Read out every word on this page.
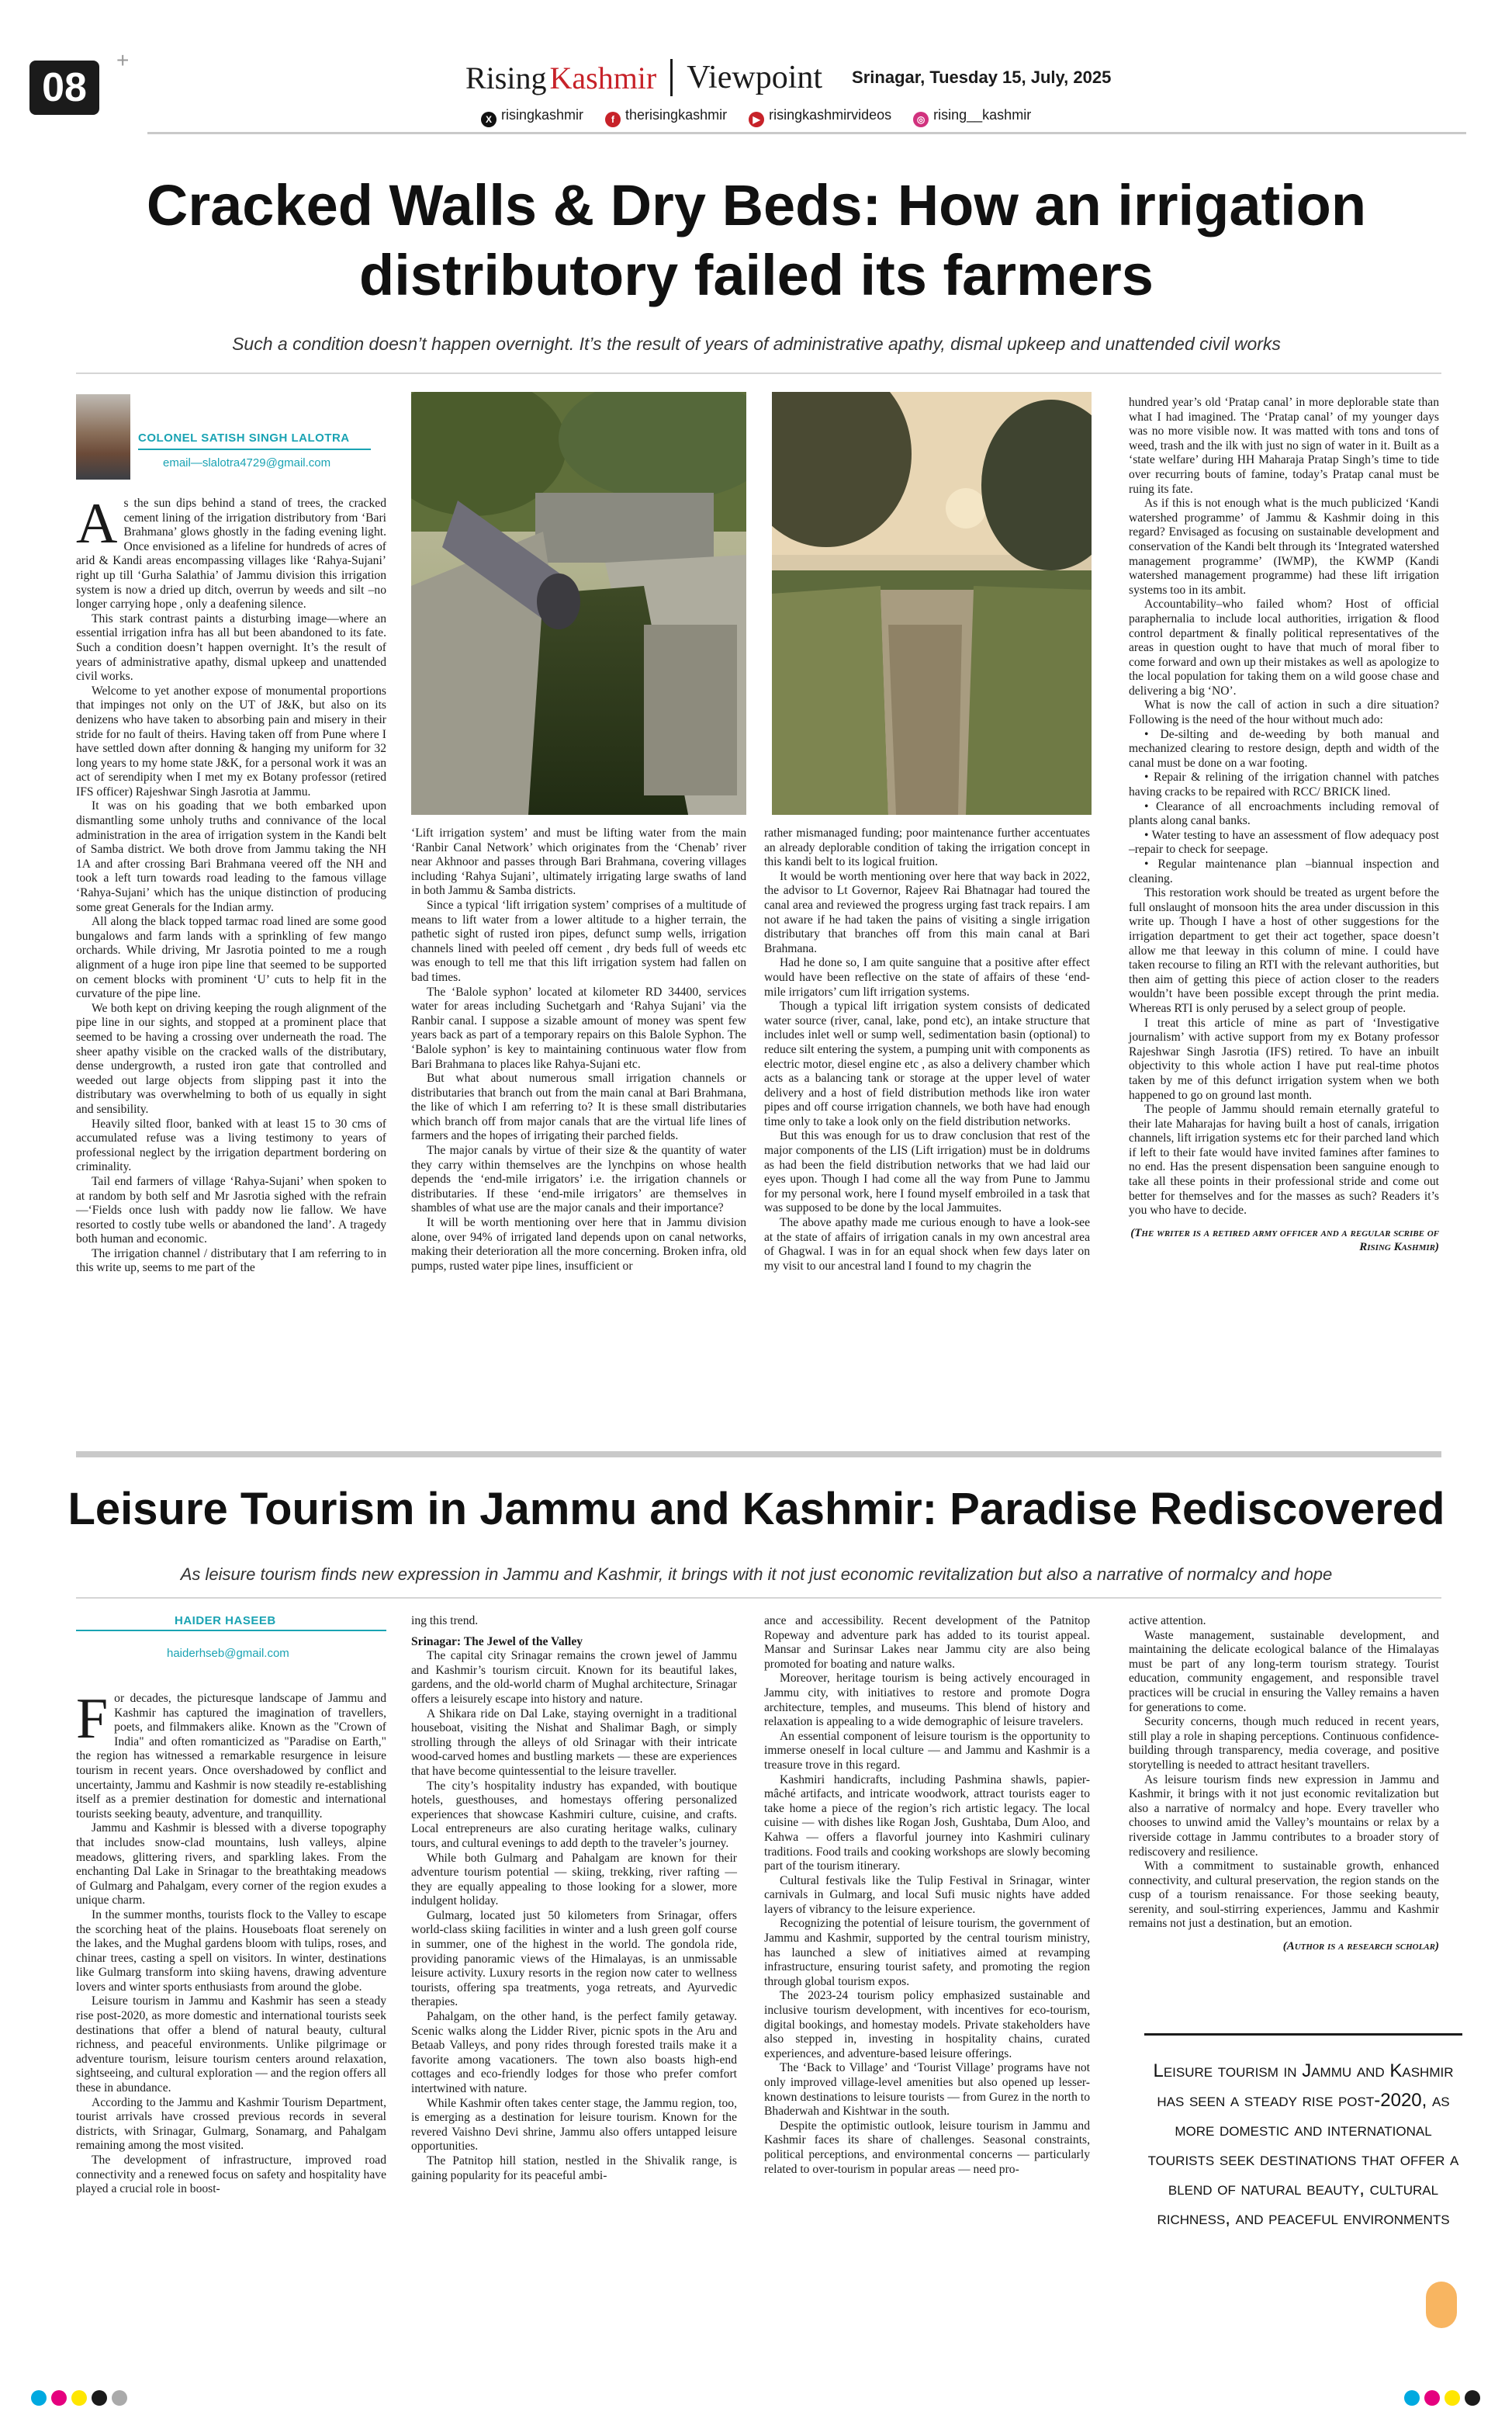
+
08	Rising Kashmir Viewpoint Srinagar, Tuesday 15, July, 2025
X risingkashmir	f therisingkashmir	▶ risingkashmirvideos	◎ rising__kashmir
Cracked Walls & Dry Beds: How an irrigation distributory failed its farmers
Such a condition doesn’t happen overnight. It’s the result of years of administrative apathy, dismal upkeep and unattended civil works
COLONEL SATISH SINGH LALOTRA
email—slalotra4729@gmail.com

As the sun dips behind a stand of trees, the cracked cement lining of the irrigation distributory from ‘Bari Brahmana’ glows ghostly in the fading evening light. Once envisioned as a lifeline for hundreds of acres of arid & Kandi areas encompassing villages like ‘Rahya-Sujani’ right up till ‘Gurha Salathia’ of Jammu division this irrigation system is now a dried up ditch, overrun by weeds and silt –no longer carrying hope , only a deafening silence.

This stark contrast paints a disturbing image—where an essential irrigation infra has all but been abandoned to its fate. Such a condition doesn’t happen overnight. It’s the result of years of administrative apathy, dismal upkeep and unattended civil works.

Welcome to yet another expose of monumental proportions that impinges not only on the UT of J&K, but also on its denizens who have taken to absorbing pain and misery in their stride for no fault of theirs. Having taken off from Pune where I have settled down after donning & hanging my uniform for 32 long years to my home state J&K, for a personal work it was an act of serendipity when I met my ex Botany professor (retired IFS officer) Rajeshwar Singh Jasrotia at Jammu.

It was on his goading that we both embarked upon dismantling some unholy truths and connivance of the local administration in the area of irrigation system in the Kandi belt of Samba district. We both drove from Jammu taking the NH 1A and after crossing Bari Brahmana veered off the NH and took a left turn towards road leading to the famous village ‘Rahya-Sujani’ which has the unique distinction of producing some great Generals for the Indian army.

All along the black topped tarmac road lined are some good bungalows and farm lands with a sprinkling of few mango orchards. While driving, Mr Jasrotia pointed to me a rough alignment of a huge iron pipe line that seemed to be supported on cement blocks with prominent ‘U’ cuts to help fit in the curvature of the pipe line.

We both kept on driving keeping the rough alignment of the pipe line in our sights, and stopped at a prominent place that seemed to be having a crossing over underneath the road. The sheer apathy visible on the cracked walls of the distributary, dense undergrowth, a rusted iron gate that controlled and weeded out large objects from slipping past it into the distributary was overwhelming to both of us equally in sight and sensibility.

Heavily silted floor, banked with at least 15 to 30 cms of accumulated refuse was a living testimony to years of professional neglect by the irrigation department bordering on criminality.

Tail end farmers of village ‘Rahya-Sujani’ when spoken to at random by both self and Mr Jasrotia sighed with the refrain—‘Fields once lush with paddy now lie fallow. We have resorted to costly tube wells or abandoned the land’. A tragedy both human and economic.

The irrigation channel / distributary that I am referring to in this write up, seems to me part of the

‘Lift irrigation system’ and must be lifting water from the main ‘Ranbir Canal Network’ which originates from the ‘Chenab’ river near Akhnoor and passes through Bari Brahmana, covering villages including ‘Rahya Sujani’, ultimately irrigating large swaths of land in both Jammu & Samba districts.

Since a typical ‘lift irrigation system’ comprises of a multitude of means to lift water from a lower altitude to a higher terrain, the pathetic sight of rusted iron pipes, defunct sump wells, irrigation channels lined with peeled off cement , dry beds full of weeds etc was enough to tell me that this lift irrigation system had fallen on bad times.

The ‘Balole syphon’ located at kilometer RD 34400, services water for areas including Suchetgarh and ‘Rahya Sujani’ via the Ranbir canal. I suppose a sizable amount of money was spent few years back as part of a temporary repairs on this Balole Syphon. The ‘Balole syphon’ is key to maintaining continuous water flow from Bari Brahmana to places like Rahya-Sujani etc.

But what about numerous small irrigation channels or distributaries that branch out from the main canal at Bari Brahmana, the like of which I am referring to? It is these small distributaries which branch off from major canals that are the virtual life lines of farmers and the hopes of irrigating their parched fields.

The major canals by virtue of their size & the quantity of water they carry within themselves are the lynchpins on whose health depends the ‘end-mile irrigators’ i.e. the irrigation channels or distributaries. If these ‘end-mile irrigators’ are themselves in shambles of what use are the major canals and their importance?

It will be worth mentioning over here that in Jammu division alone, over 94% of irrigated land depends upon on canal networks, making their deterioration all the more concerning. Broken infra, old pumps, rusted water pipe lines, insufficient or

rather mismanaged funding; poor maintenance further accentuates an already deplorable condition of taking the irrigation concept in this kandi belt to its logical fruition.

It would be worth mentioning over here that way back in 2022, the advisor to Lt Governor, Rajeev Rai Bhatnagar had toured the canal area and reviewed the progress urging fast track repairs. I am not aware if he had taken the pains of visiting a single irrigation distributary that branches off from this main canal at Bari Brahmana.

Had he done so, I am quite sanguine that a positive after effect would have been reflective on the state of affairs of these ‘end-mile irrigators’ cum lift irrigation systems.

Though a typical lift irrigation system consists of dedicated water source (river, canal, lake, pond etc), an intake structure that includes inlet well or sump well, sedimentation basin (optional) to reduce silt entering the system, a pumping unit with components as electric motor, diesel engine etc , as also a delivery chamber which acts as a balancing tank or storage at the upper level of water delivery and a host of field distribution methods like iron water pipes and off course irrigation channels, we both have had enough time only to take a look only on the field distribution networks.

But this was enough for us to draw conclusion that rest of the major components of the LIS (Lift irrigation) must be in doldrums as had been the field distribution networks that we had laid our eyes upon. Though I had come all the way from Pune to Jammu for my personal work, here I found myself embroiled in a task that was supposed to be done by the local Jammuites.

The above apathy made me curious enough to have a look-see at the state of affairs of irrigation canals in my own ancestral area of Ghagwal. I was in for an equal shock when few days later on my visit to our ancestral land I found to my chagrin the

hundred year’s old ‘Pratap canal’ in more deplorable state than what I had imagined. The ‘Pratap canal’ of my younger days was no more visible now. It was matted with tons and tons of weed, trash and the ilk with just no sign of water in it. Built as a ‘state welfare’ during HH Maharaja Pratap Singh’s time to tide over recurring bouts of famine, today’s Pratap canal must be ruing its fate.

As if this is not enough what is the much publicized ‘Kandi watershed programme’ of Jammu & Kashmir doing in this regard? Envisaged as focusing on sustainable development and conservation of the Kandi belt through its ‘Integrated watershed management programme’ (IWMP), the KWMP (Kandi watershed management programme) had these lift irrigation systems too in its ambit.

Accountability–who failed whom? Host of official paraphernalia to include local authorities, irrigation & flood control department & finally political representatives of the areas in question ought to have that much of moral fiber to come forward and own up their mistakes as well as apologize to the local population for taking them on a wild goose chase and delivering a big ‘NO’.

What is now the call of action in such a dire situation? Following is the need of the hour without much ado:

• De-silting and de-weeding by both manual and mechanized clearing to restore design, depth and width of the canal must be done on a war footing.

• Repair & relining of the irrigation channel with patches having cracks to be repaired with RCC/ BRICK lined.

• Clearance of all encroachments including removal of plants along canal banks.

• Water testing to have an assessment of flow adequacy post –repair to check for seepage.

• Regular maintenance plan –biannual inspection and cleaning.

This restoration work should be treated as urgent before the full onslaught of monsoon hits the area under discussion in this write up. Though I have a host of other suggestions for the irrigation department to get their act together, space doesn’t allow me that leeway in this column of mine. I could have taken recourse to filing an RTI with the relevant authorities, but then aim of getting this piece of action closer to the readers wouldn’t have been possible except through the print media. Whereas RTI is only perused by a select group of people.

I treat this article of mine as part of ‘Investigative journalism’ with active support from my ex Botany professor Rajeshwar Singh Jasrotia (IFS) retired. To have an inbuilt objectivity to this whole action I have put real-time photos taken by me of this defunct irrigation system when we both happened to go on ground last month.

The people of Jammu should remain eternally grateful to their late Maharajas for having built a host of canals, irrigation channels, lift irrigation systems etc for their parched land which if left to their fate would have invited famines after famines to no end. Has the present dispensation been sanguine enough to take all these points in their professional stride and come out better for themselves and for the masses as such? Readers it’s you who have to decide.

(The writer is a retired army officer and a regular scribe of Rising Kashmir)
Leisure Tourism in Jammu and Kashmir: Paradise Rediscovered
As leisure tourism finds new expression in Jammu and Kashmir, it brings with it not just economic revitalization but also a narrative of normalcy and hope
HAIDER HASEEB
haiderhseb@gmail.com

For decades, the picturesque landscape of Jammu and Kashmir has captured the imagination of travellers, poets, and filmmakers alike. Known as the "Crown of India" and often romanticized as "Paradise on Earth," the region has witnessed a remarkable resurgence in leisure tourism in recent years. Once overshadowed by conflict and uncertainty, Jammu and Kashmir is now steadily re-establishing itself as a premier destination for domestic and international tourists seeking beauty, adventure, and tranquillity.

Jammu and Kashmir is blessed with a diverse topography that includes snow-clad mountains, lush valleys, alpine meadows, glittering rivers, and sparkling lakes. From the enchanting Dal Lake in Srinagar to the breathtaking meadows of Gulmarg and Pahalgam, every corner of the region exudes a unique charm.

In the summer months, tourists flock to the Valley to escape the scorching heat of the plains. Houseboats float serenely on the lakes, and the Mughal gardens bloom with tulips, roses, and chinar trees, casting a spell on visitors. In winter, destinations like Gulmarg transform into skiing havens, drawing adventure lovers and winter sports enthusiasts from around the globe.

Leisure tourism in Jammu and Kashmir has seen a steady rise post-2020, as more domestic and international tourists seek destinations that offer a blend of natural beauty, cultural richness, and peaceful environments. Unlike pilgrimage or adventure tourism, leisure tourism centers around relaxation, sightseeing, and cultural exploration — and the region offers all these in abundance.

According to the Jammu and Kashmir Tourism Department, tourist arrivals have crossed previous records in several districts, with Srinagar, Gulmarg, Sonamarg, and Pahalgam remaining among the most visited.

The development of infrastructure, improved road connectivity and a renewed focus on safety and hospitality have played a crucial role in boost-

ing this trend.

Srinagar: The Jewel of the Valley

The capital city Srinagar remains the crown jewel of Jammu and Kashmir’s tourism circuit. Known for its beautiful lakes, gardens, and the old-world charm of Mughal architecture, Srinagar offers a leisurely escape into history and nature.

A Shikara ride on Dal Lake, staying overnight in a traditional houseboat, visiting the Nishat and Shalimar Bagh, or simply strolling through the alleys of old Srinagar with their intricate wood-carved homes and bustling markets — these are experiences that have become quintessential to the leisure traveller.

The city’s hospitality industry has expanded, with boutique hotels, guesthouses, and homestays offering personalized experiences that showcase Kashmiri culture, cuisine, and crafts. Local entrepreneurs are also curating heritage walks, culinary tours, and cultural evenings to add depth to the traveler’s journey.

While both Gulmarg and Pahalgam are known for their adventure tourism potential — skiing, trekking, river rafting — they are equally appealing to those looking for a slower, more indulgent holiday.

Gulmarg, located just 50 kilometers from Srinagar, offers world-class skiing facilities in winter and a lush green golf course in summer, one of the highest in the world. The gondola ride, providing panoramic views of the Himalayas, is an unmissable leisure activity. Luxury resorts in the region now cater to wellness tourists, offering spa treatments, yoga retreats, and Ayurvedic therapies.

Pahalgam, on the other hand, is the perfect family getaway. Scenic walks along the Lidder River, picnic spots in the Aru and Betaab Valleys, and pony rides through forested trails make it a favorite among vacationers. The town also boasts high-end cottages and eco-friendly lodges for those who prefer comfort intertwined with nature.

While Kashmir often takes center stage, the Jammu region, too, is emerging as a destination for leisure tourism. Known for the revered Vaishno Devi shrine, Jammu also offers untapped leisure opportunities.

The Patnitop hill station, nestled in the Shivalik range, is gaining popularity for its peaceful ambi-

ance and accessibility. Recent development of the Patnitop Ropeway and adventure park has added to its tourist appeal. Mansar and Surinsar Lakes near Jammu city are also being promoted for boating and nature walks.

Moreover, heritage tourism is being actively encouraged in Jammu city, with initiatives to restore and promote Dogra architecture, temples, and museums. This blend of history and relaxation is appealing to a wide demographic of leisure travelers.

An essential component of leisure tourism is the opportunity to immerse oneself in local culture — and Jammu and Kashmir is a treasure trove in this regard.

Kashmiri handicrafts, including Pashmina shawls, papier-mâché artifacts, and intricate woodwork, attract tourists eager to take home a piece of the region’s rich artistic legacy. The local cuisine — with dishes like Rogan Josh, Gushtaba, Dum Aloo, and Kahwa — offers a flavorful journey into Kashmiri culinary traditions. Food trails and cooking workshops are slowly becoming part of the tourism itinerary.

Cultural festivals like the Tulip Festival in Srinagar, winter carnivals in Gulmarg, and local Sufi music nights have added layers of vibrancy to the leisure experience.

Recognizing the potential of leisure tourism, the government of Jammu and Kashmir, supported by the central tourism ministry, has launched a slew of initiatives aimed at revamping infrastructure, ensuring tourist safety, and promoting the region through global tourism expos.

The 2023-24 tourism policy emphasized sustainable and inclusive tourism development, with incentives for eco-tourism, digital bookings, and homestay models. Private stakeholders have also stepped in, investing in hospitality chains, curated experiences, and adventure-based leisure offerings.

The ‘Back to Village’ and ‘Tourist Village’ programs have not only improved village-level amenities but also opened up lesser-known destinations to leisure tourists — from Gurez in the north to Bhaderwah and Kishtwar in the south.

Despite the optimistic outlook, leisure tourism in Jammu and Kashmir faces its share of challenges. Seasonal constraints, political perceptions, and environmental concerns — particularly related to over-tourism in popular areas — need pro-

active attention.

Waste management, sustainable development, and maintaining the delicate ecological balance of the Himalayas must be part of any long-term tourism strategy. Tourist education, community engagement, and responsible travel practices will be crucial in ensuring the Valley remains a haven for generations to come.

Security concerns, though much reduced in recent years, still play a role in shaping perceptions. Continuous confidence-building through transparency, media coverage, and positive storytelling is needed to attract hesitant travellers.

As leisure tourism finds new expression in Jammu and Kashmir, it brings with it not just economic revitalization but also a narrative of normalcy and hope. Every traveller who chooses to unwind amid the Valley’s mountains or relax by a riverside cottage in Jammu contributes to a broader story of rediscovery and resilience.

With a commitment to sustainable growth, enhanced connectivity, and cultural preservation, the region stands on the cusp of a tourism renaissance. For those seeking beauty, serenity, and soul-stirring experiences, Jammu and Kashmir remains not just a destination, but an emotion.

(Author is a research scholar)
Leisure tourism in Jammu and Kashmir has seen a steady rise post-2020, as more domestic and international tourists seek destinations that offer a blend of natural beauty, cultural richness, and peaceful environments
